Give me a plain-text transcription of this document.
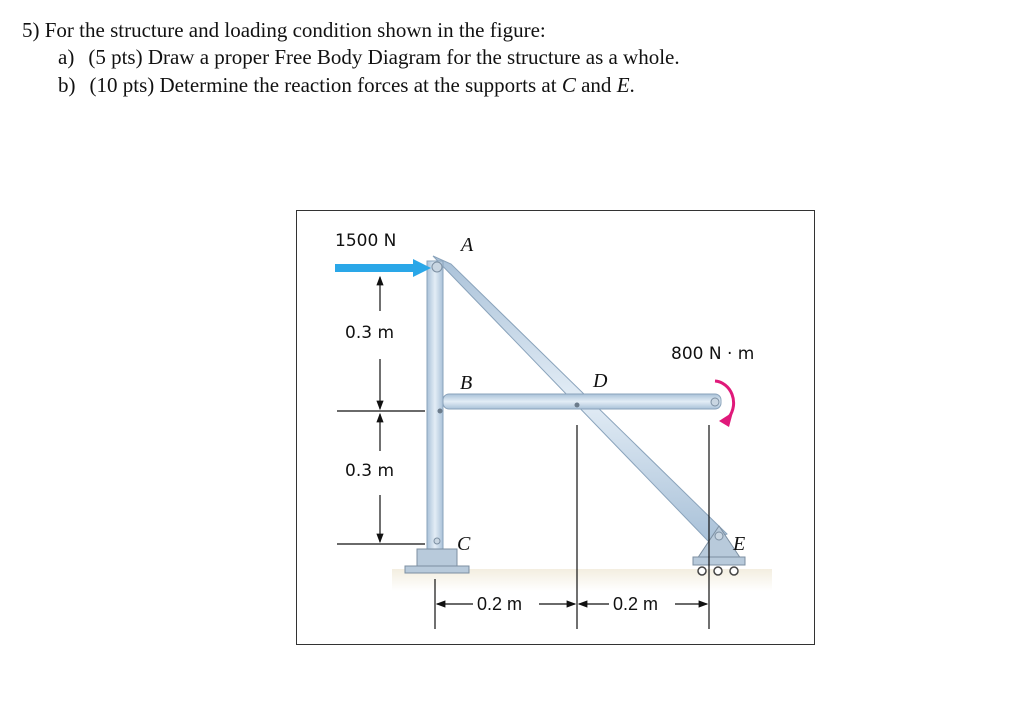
5) For the structure and loading condition shown in the figure:
a) (5 pts) Draw a proper Free Body Diagram for the structure as a whole.
b) (10 pts) Determine the reaction forces at the supports at C and E.
1500 N	A
0.3 m
800 N · m
B	D
0.3 m
C	E
0.2 m	0.2 m
